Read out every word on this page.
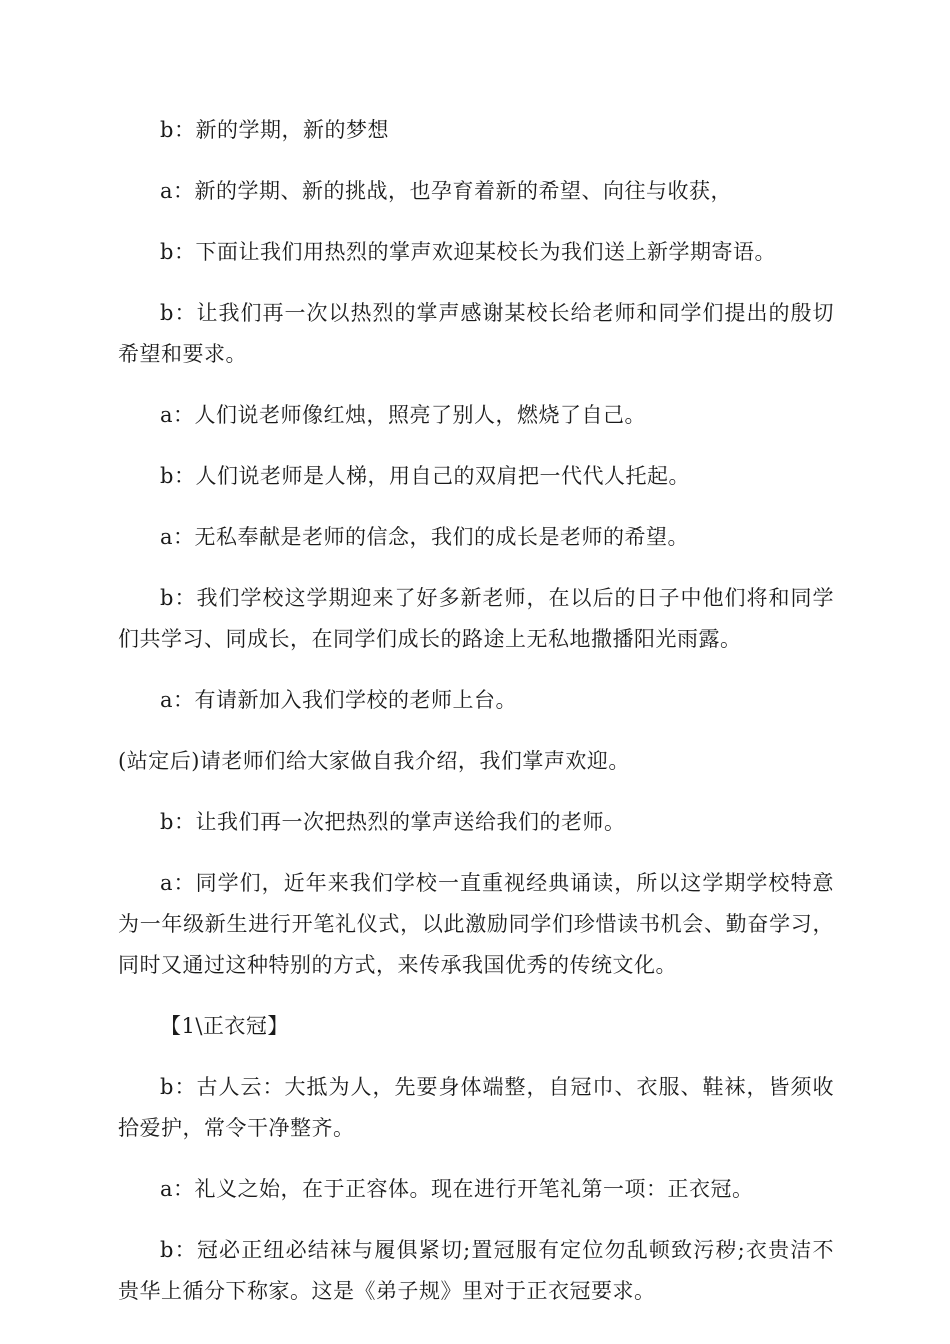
b：新的学期，新的梦想

a：新的学期、新的挑战，也孕育着新的希望、向往与收获，

b：下面让我们用热烈的掌声欢迎某校长为我们送上新学期寄语。

b：让我们再一次以热烈的掌声感谢某校长给老师和同学们提出的殷切希望和要求。

a：人们说老师像红烛，照亮了别人，燃烧了自己。

b：人们说老师是人梯，用自己的双肩把一代代人托起。

a：无私奉献是老师的信念，我们的成长是老师的希望。

b：我们学校这学期迎来了好多新老师，在以后的日子中他们将和同学们共学习、同成长，在同学们成长的路途上无私地撒播阳光雨露。

a：有请新加入我们学校的老师上台。

(站定后)请老师们给大家做自我介绍，我们掌声欢迎。

b：让我们再一次把热烈的掌声送给我们的老师。

a：同学们，近年来我们学校一直重视经典诵读，所以这学期学校特意为一年级新生进行开笔礼仪式，以此激励同学们珍惜读书机会、勤奋学习，同时又通过这种特别的方式，来传承我国优秀的传统文化。

【1\正衣冠】

b：古人云：大抵为人，先要身体端整，自冠巾、衣服、鞋袜，皆须收拾爱护，常令干净整齐。

a：礼义之始，在于正容体。现在进行开笔礼第一项：正衣冠。

b：冠必正纽必结袜与履俱紧切;置冠服有定位勿乱顿致污秽;衣贵洁不贵华上循分下称家。这是《弟子规》里对于正衣冠要求。
